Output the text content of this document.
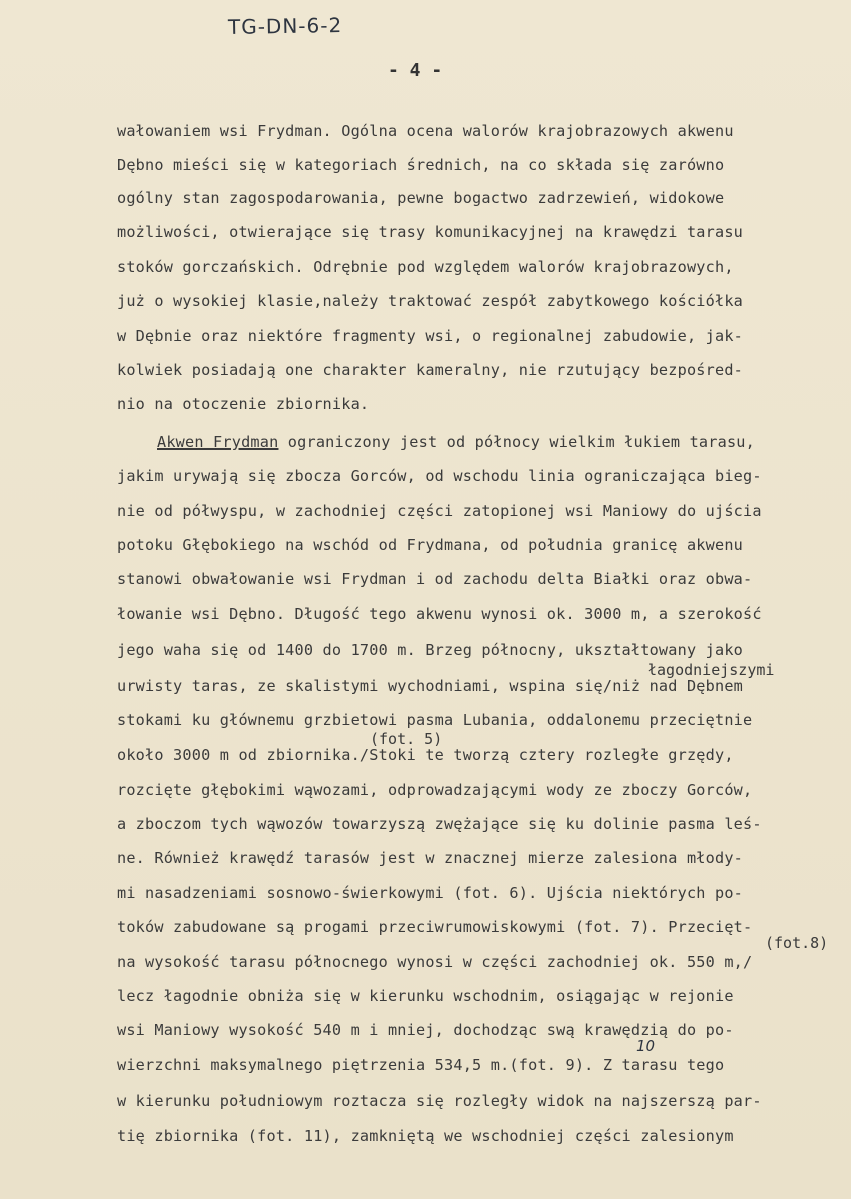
TG-DN-6-2
- 4 -
wałowaniem wsi Frydman. Ogólna ocena walorów krajobrazowych akwenu
Dębno mieści się w kategoriach średnich, na co składa się zarówno
ogólny stan zagospodarowania, pewne bogactwo zadrzewień, widokowe
możliwości, otwierające się trasy komunikacyjnej na krawędzi tarasu
stoków gorczańskich. Odrębnie pod względem walorów krajobrazowych,
już o wysokiej klasie,należy traktować zespół zabytkowego kościółka
w Dębnie oraz niektóre fragmenty wsi, o regionalnej zabudowie, jak-
kolwiek posiadają one charakter kameralny, nie rzutujący bezpośred-
nio na otoczenie zbiornika.
Akwen Frydman ograniczony jest od północy wielkim łukiem tarasu,
jakim urywają się zbocza Gorców, od wschodu linia ograniczająca bieg-
nie od półwyspu, w zachodniej części zatopionej wsi Maniowy do ujścia
potoku Głębokiego na wschód od Frydmana, od południa granicę akwenu
stanowi obwałowanie wsi Frydman i od zachodu delta Białki oraz obwa-
łowanie wsi Dębno. Długość tego akwenu wynosi ok. 3000 m, a szerokość
jego waha się od 1400 do 1700 m. Brzeg północny, ukształtowany jako
łagodniejszymi
urwisty taras, ze skalistymi wychodniami, wspina się/niż nad Dębnem
stokami ku głównemu grzbietowi pasma Lubania, oddalonemu przeciętnie
(fot. 5)
około 3000 m od zbiornika./Stoki te tworzą cztery rozległe grzędy,
rozcięte głębokimi wąwozami, odprowadzającymi wody ze zboczy Gorców,
a zboczom tych wąwozów towarzyszą zwężające się ku dolinie pasma leś-
ne. Również krawędź tarasów jest w znacznej mierze zalesiona młody-
mi nasadzeniami sosnowo-świerkowymi (fot. 6). Ujścia niektórych po-
toków zabudowane są progami przeciwrumowiskowymi (fot. 7). Przecięt-
(fot.8)
na wysokość tarasu północnego wynosi w części zachodniej ok. 550 m,/
lecz łagodnie obniża się w kierunku wschodnim, osiągając w rejonie
wsi Maniowy wysokość 540 m i mniej, dochodząc swą krawędzią do po-
10
wierzchni maksymalnego piętrzenia 534,5 m.(fot. 9). Z tarasu tego
w kierunku południowym roztacza się rozległy widok na najszerszą par-
tię zbiornika (fot. 11), zamkniętą we wschodniej części zalesionym
